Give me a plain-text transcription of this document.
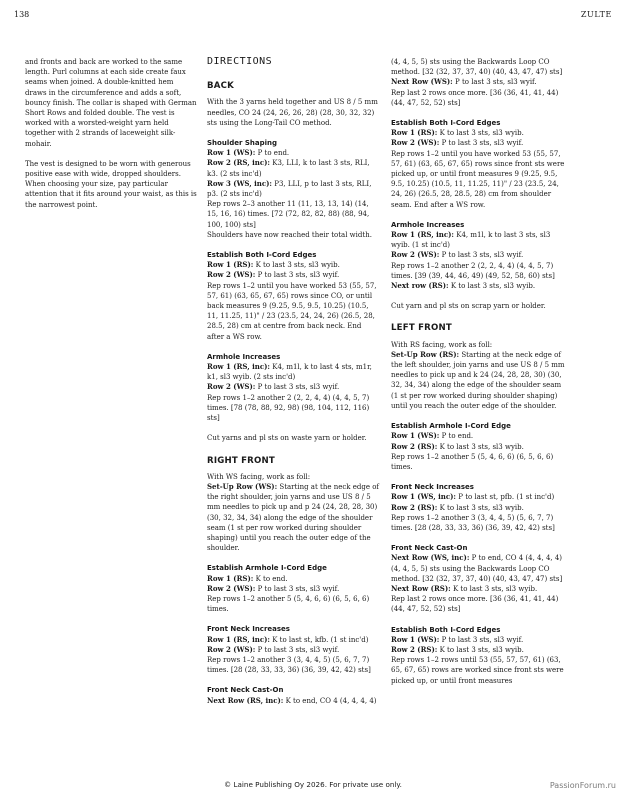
138	ZULTE

and fronts and back are worked to the same length. Purl columns at each side create faux seams when joined. A double-knitted hem draws in the circumference and adds a soft, bouncy finish. The collar is shaped with German Short Rows and folded double. The vest is worked with a worsted-weight yarn held together with 2 strands of laceweight silk-mohair.

The vest is designed to be worn with generous positive ease with wide, dropped shoulders. When choosing your size, pay particular attention that it fits around your waist, as this is the narrowest point.

DIRECTIONS
BACK

With the 3 yarns held together and US 8 / 5 mm needles, CO 24 (24, 26, 26, 28) (28, 30, 32, 32) sts using the Long-Tail CO method.

Shoulder Shaping

Row 1 (WS): P to end.

Row 2 (RS, inc): K3, LLI, k to last 3 sts, RLI, k3. (2 sts inc'd)

Row 3 (WS, inc): P3, LLI, p to last 3 sts, RLI, p3. (2 sts inc'd)

Rep rows 2–3 another 11 (11, 13, 13, 14) (14, 15, 16, 16) times. [72 (72, 82, 82, 88) (88, 94, 100, 100) sts]

Shoulders have now reached their total width.

Establish Both I-Cord Edges

Row 1 (RS): K to last 3 sts, sl3 wyib.

Row 2 (WS): P to last 3 sts, sl3 wyif.

Rep rows 1–2 until you have worked 53 (55, 57, 57, 61) (63, 65, 67, 65) rows since CO, or until back measures 9 (9.25, 9.5, 9.5, 10.25) (10.5, 11, 11.25, 11)" / 23 (23.5, 24, 24, 26) (26.5, 28, 28.5, 28) cm at centre from back neck. End after a WS row.

Armhole Increases

Row 1 (RS, inc): K4, m1l, k to last 4 sts, m1r, k1, sl3 wyib. (2 sts inc'd)

Row 2 (WS): P to last 3 sts, sl3 wyif.

Rep rows 1–2 another 2 (2, 2, 4, 4) (4, 4, 5, 7) times. [78 (78, 88, 92, 98) (98, 104, 112, 116) sts]

Cut yarns and pl sts on waste yarn or holder.

RIGHT FRONT

With WS facing, work as foll:

Set-Up Row (WS): Starting at the neck edge of the right shoulder, join yarns and use US 8 / 5 mm needles to pick up and p 24 (24, 28, 28, 30) (30, 32, 34, 34) along the edge of the shoulder seam (1 st per row worked during shoulder shaping) until you reach the outer edge of the shoulder.

Establish Armhole I-Cord Edge

Row 1 (RS): K to end.

Row 2 (WS): P to last 3 sts, sl3 wyif.

Rep rows 1–2 another 5 (5, 4, 6, 6) (6, 5, 6, 6) times.

Front Neck Increases

Row 1 (RS, inc): K to last st, kfb. (1 st inc'd)

Row 2 (WS): P to last 3 sts, sl3 wyif.

Rep rows 1–2 another 3 (3, 4, 4, 5) (5, 6, 7, 7) times. [28 (28, 33, 33, 36) (36, 39, 42, 42) sts]

Front Neck Cast-On

Next Row (RS, inc): K to end, CO 4 (4, 4, 4, 4)

(4, 4, 5, 5) sts using the Backwards Loop CO method. [32 (32, 37, 37, 40) (40, 43, 47, 47) sts]

Next Row (WS): P to last 3 sts, sl3 wyif.

Rep last 2 rows once more. [36 (36, 41, 41, 44) (44, 47, 52, 52) sts]

Establish Both I-Cord Edges

Row 1 (RS): K to last 3 sts, sl3 wyib.

Row 2 (WS): P to last 3 sts, sl3 wyif.

Rep rows 1–2 until you have worked 53 (55, 57, 57, 61) (63, 65, 67, 65) rows since front sts were picked up, or until front measures 9 (9.25, 9.5, 9.5, 10.25) (10.5, 11, 11.25, 11)" / 23 (23.5, 24, 24, 26) (26.5, 28, 28.5, 28) cm from shoulder seam. End after a WS row.

Armhole Increases

Row 1 (RS, inc): K4, m1l, k to last 3 sts, sl3 wyib. (1 st inc'd)

Row 2 (WS): P to last 3 sts, sl3 wyif.

Rep rows 1–2 another 2 (2, 2, 4, 4) (4, 4, 5, 7) times. [39 (39, 44, 46, 49) (49, 52, 58, 60) sts]

Next row (RS): K to last 3 sts, sl3 wyib.

Cut yarn and pl sts on scrap yarn or holder.

LEFT FRONT

With RS facing, work as foll:

Set-Up Row (RS): Starting at the neck edge of the left shoulder, join yarns and use US 8 / 5 mm needles to pick up and k 24 (24, 28, 28, 30) (30, 32, 34, 34) along the edge of the shoulder seam (1 st per row worked during shoulder shaping) until you reach the outer edge of the shoulder.

Establish Armhole I-Cord Edge

Row 1 (WS): P to end.

Row 2 (RS): K to last 3 sts, sl3 wyib.

Rep rows 1–2 another 5 (5, 4, 6, 6) (6, 5, 6, 6) times.

Front Neck Increases

Row 1 (WS, inc): P to last st, pfb. (1 st inc'd)

Row 2 (RS): K to last 3 sts, sl3 wyib.

Rep rows 1–2 another 3 (3, 4, 4, 5) (5, 6, 7, 7) times. [28 (28, 33, 33, 36) (36, 39, 42, 42) sts]

Front Neck Cast-On

Next Row (WS, inc): P to end, CO 4 (4, 4, 4, 4) (4, 4, 5, 5) sts using the Backwards Loop CO method. [32 (32, 37, 37, 40) (40, 43, 47, 47) sts]

Next Row (RS): K to last 3 sts, sl3 wyib.

Rep last 2 rows once more. [36 (36, 41, 41, 44) (44, 47, 52, 52) sts]

Establish Both I-Cord Edges

Row 1 (WS): P to last 3 sts, sl3 wyif.

Row 2 (RS): K to last 3 sts, sl3 wyib.

Rep rows 1–2 rows until 53 (55, 57, 57, 61) (63, 65, 67, 65) rows are worked since front sts were picked up, or until front measures

© Laine Publishing Oy 2026. For private use only.	PassionForum.ru
